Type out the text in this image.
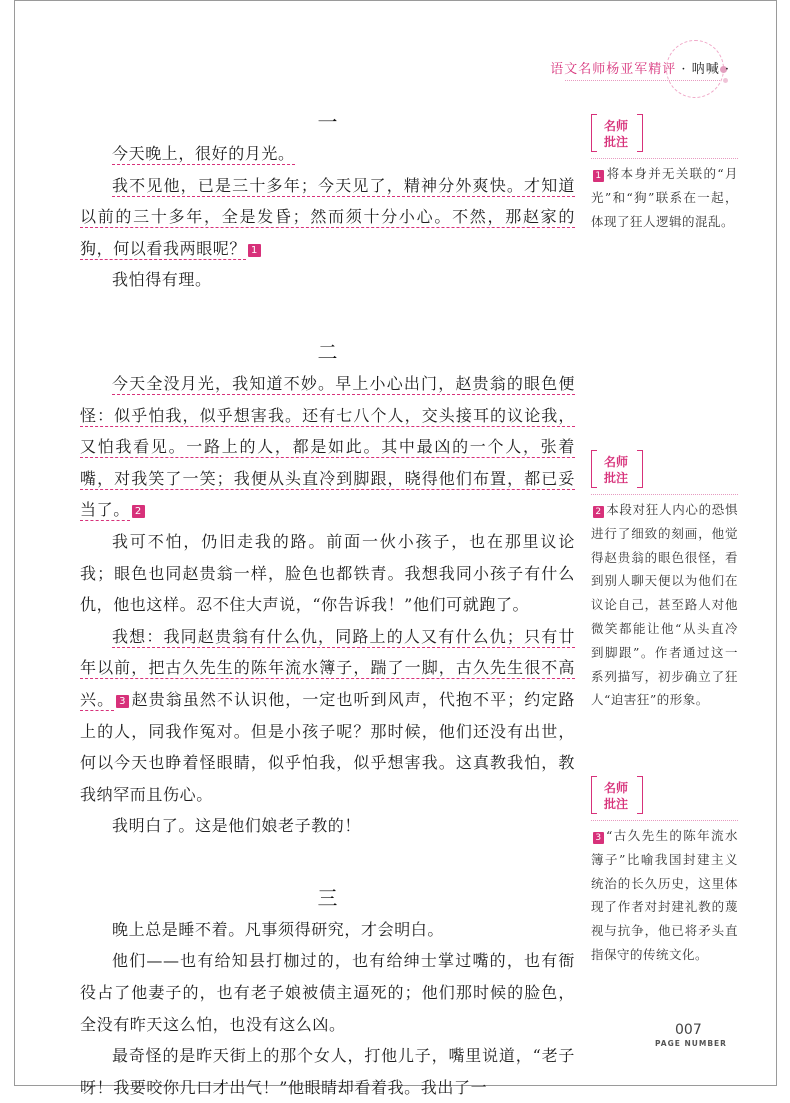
语文名师杨亚军精评 · 呐喊 ·
一

今天晚上，很好的月光。

我不见他，已是三十多年；今天见了，精神分外爽快。才知道以前的三十多年，全是发昏；然而须十分小心。不然，那赵家的狗，何以看我两眼呢？ 1

我怕得有理。

二

今天全没月光，我知道不妙。早上小心出门，赵贵翁的眼色便怪：似乎怕我，似乎想害我。还有七八个人，交头接耳的议论我，又怕我看见。一路上的人，都是如此。其中最凶的一个人，张着嘴，对我笑了一笑；我便从头直冷到脚跟，晓得他们布置，都已妥当了。 2

我可不怕，仍旧走我的路。前面一伙小孩子，也在那里议论我；眼色也同赵贵翁一样，脸色也都铁青。我想我同小孩子有什么仇，他也这样。忍不住大声说，“你告诉我！”他们可就跑了。

我想：我同赵贵翁有什么仇，同路上的人又有什么仇；只有廿年以前，把古久先生的陈年流水簿子，踹了一脚，古久先生很不高兴。 3 赵贵翁虽然不认识他，一定也听到风声，代抱不平；约定路上的人，同我作冤对。但是小孩子呢？那时候，他们还没有出世，何以今天也睁着怪眼睛，似乎怕我，似乎想害我。这真教我怕，教我纳罕而且伤心。

我明白了。这是他们娘老子教的！

三

晚上总是睡不着。凡事须得研究，才会明白。

他们——也有给知县打枷过的，也有给绅士掌过嘴的，也有衙役占了他妻子的，也有老子娘被债主逼死的；他们那时候的脸色，全没有昨天这么怕，也没有这么凶。

最奇怪的是昨天街上的那个女人，打他儿子，嘴里说道，“老子呀！我要咬你几口才出气！”他眼睛却看着我。我出了一

名师
批注
1 将本身并无关联的“月光”和“狗”联系在一起，体现了狂人逻辑的混乱。
名师
批注
2 本段对狂人内心的恐惧进行了细致的刻画，他觉得赵贵翁的眼色很怪，看到别人聊天便以为他们在议论自己，甚至路人对他微笑都能让他“从头直冷到脚跟”。作者通过这一系列描写，初步确立了狂人“迫害狂”的形象。
名师
批注
3 “古久先生的陈年流水簿子”比喻我国封建主义统治的长久历史，这里体现了作者对封建礼教的蔑视与抗争，他已将矛头直指保守的传统文化。
007
PAGE NUMBER
